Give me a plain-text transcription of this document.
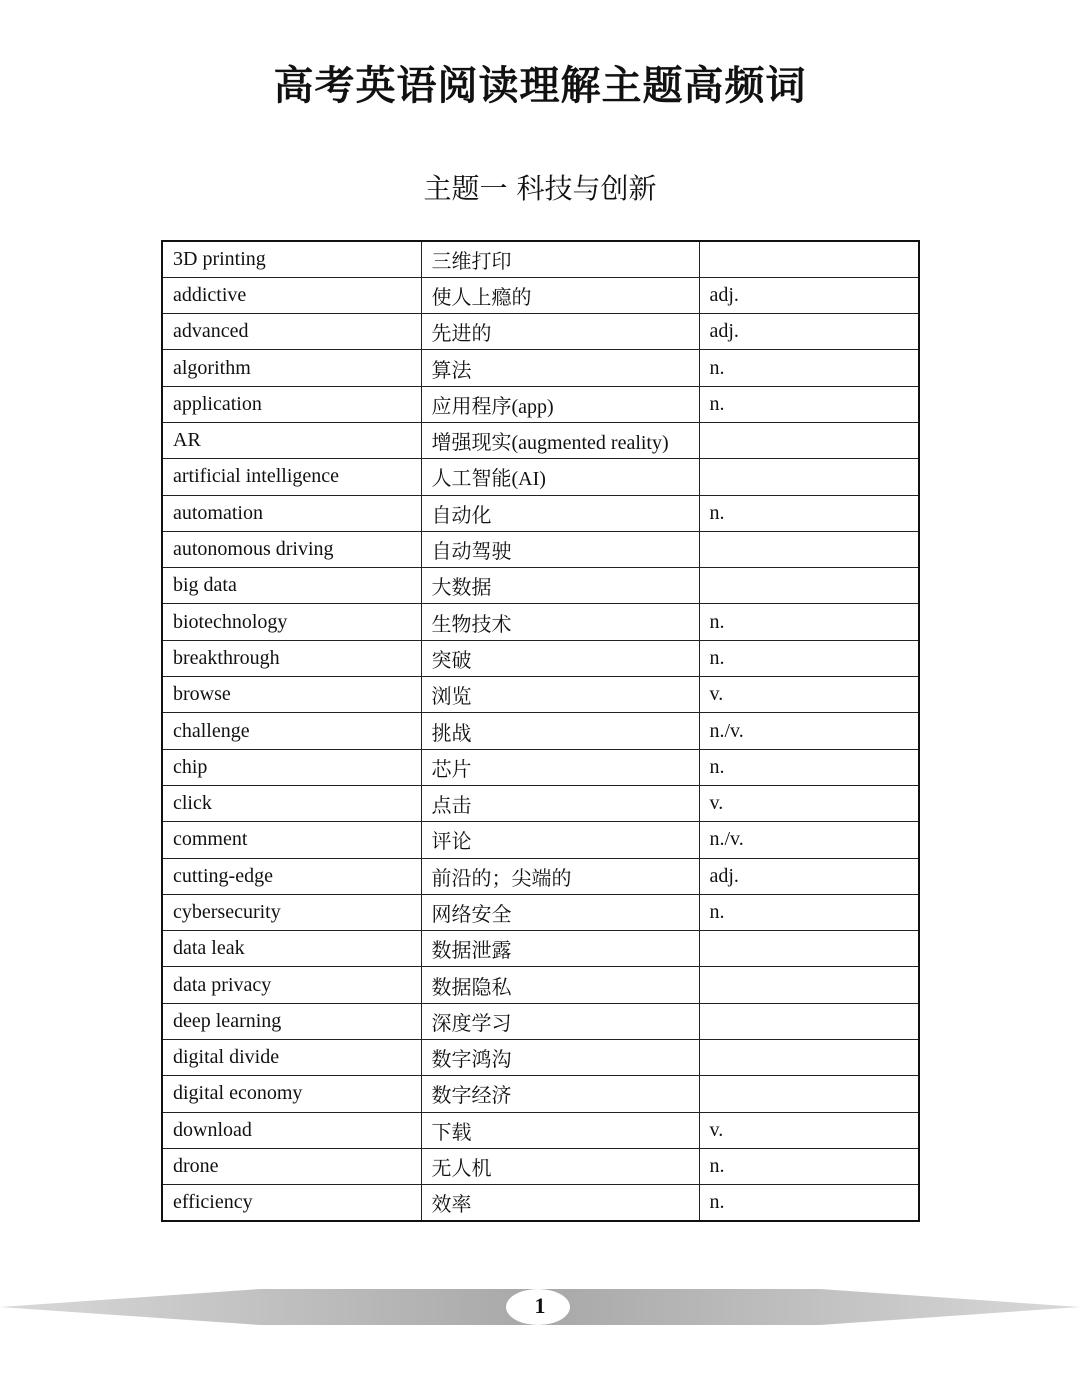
高考英语阅读理解主题高频词
主题一 科技与创新
3D printing	三维打印	
addictive	使人上瘾的	adj.
advanced	先进的	adj.
algorithm	算法	n.
application	应用程序(app)	n.
AR	增强现实(augmented reality)	
artificial intelligence	人工智能(AI)	
automation	自动化	n.
autonomous driving	自动驾驶	
big data	大数据	
biotechnology	生物技术	n.
breakthrough	突破	n.
browse	浏览	v.
challenge	挑战	n./v.
chip	芯片	n.
click	点击	v.
comment	评论	n./v.
cutting-edge	前沿的；尖端的	adj.
cybersecurity	网络安全	n.
data leak	数据泄露	
data privacy	数据隐私	
deep learning	深度学习	
digital divide	数字鸿沟	
digital economy	数字经济	
download	下载	v.
drone	无人机	n.
efficiency	效率	n.
1
